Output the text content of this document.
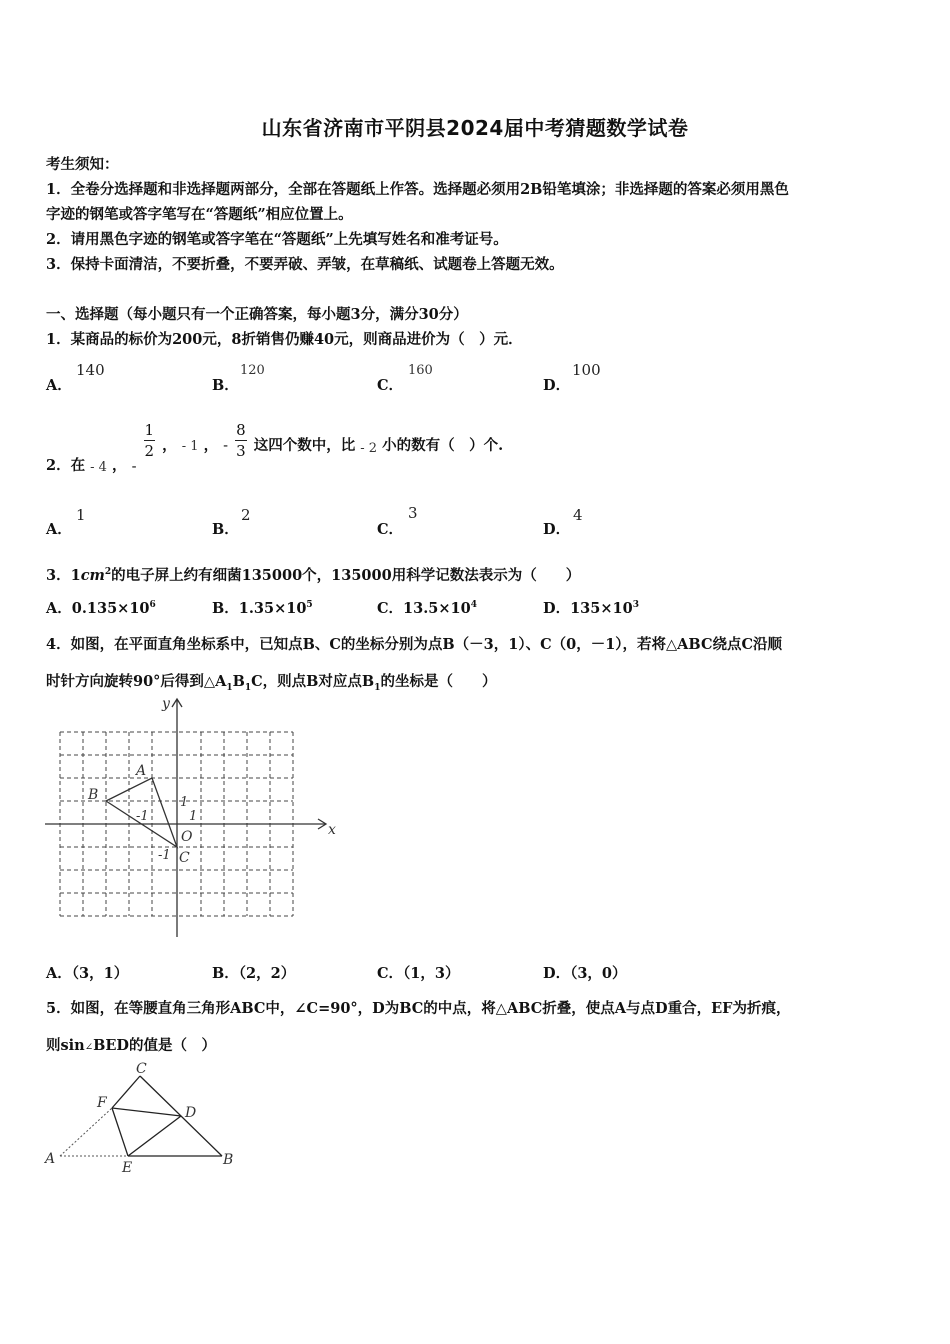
山东省济南市平阴县2024届中考猜题数学试卷
考生须知：
1．全卷分选择题和非选择题两部分，全部在答题纸上作答。选择题必须用2B铅笔填涂；非选择题的答案必须用黑色
字迹的钢笔或答字笔写在“答题纸”相应位置上。
2．请用黑色字迹的钢笔或答字笔在“答题纸”上先填写姓名和准考证号。
3．保持卡面清洁，不要折叠，不要弄破、弄皱，在草稿纸、试题卷上答题无效。
一、选择题（每小题只有一个正确答案，每小题3分，满分30分）
1．某商品的标价为200元，8折销售仍赚40元，则商品进价为（　）元．
A．
140
B．
120
C．
160
D．
100
2．在 - 4 ， -
$\frac{1}{2}$ ， - 1 ， - $\frac{8}{3}$ 这四个数中，比 - 2 小的数有（　）个.
A．
1
B．
2
C．
3
D．
4
3．$1cm^2$的电子屏上约有细菌135000个，135000用科学记数法表示为（　　）
A．$0.135\times 10^6$	B．$1.35\times 10^5$	C．$13.5\times 10^4$	D．$135\times 10^3$
4．如图，在平面直角坐标系中，已知点B、C的坐标分别为点B（－3，1）、C（0，－1），若将△ABC绕点C沿顺
时针方向旋转90°后得到$\triangle A_1B_1C$，则点B对应点$B_1$的坐标是（　　）
x
y
O
A
B
C
1
1
-1
-1
A．（3，1）	B．（2，2）	C．（1，3）	D．（3，0）
5．如图，在等腰直角三角形ABC中，∠C=90°，D为BC的中点，将△ABC折叠，使点A与点D重合，EF为折痕，
则sin∠BED的值是（　）
A	B
C
D
E
F
